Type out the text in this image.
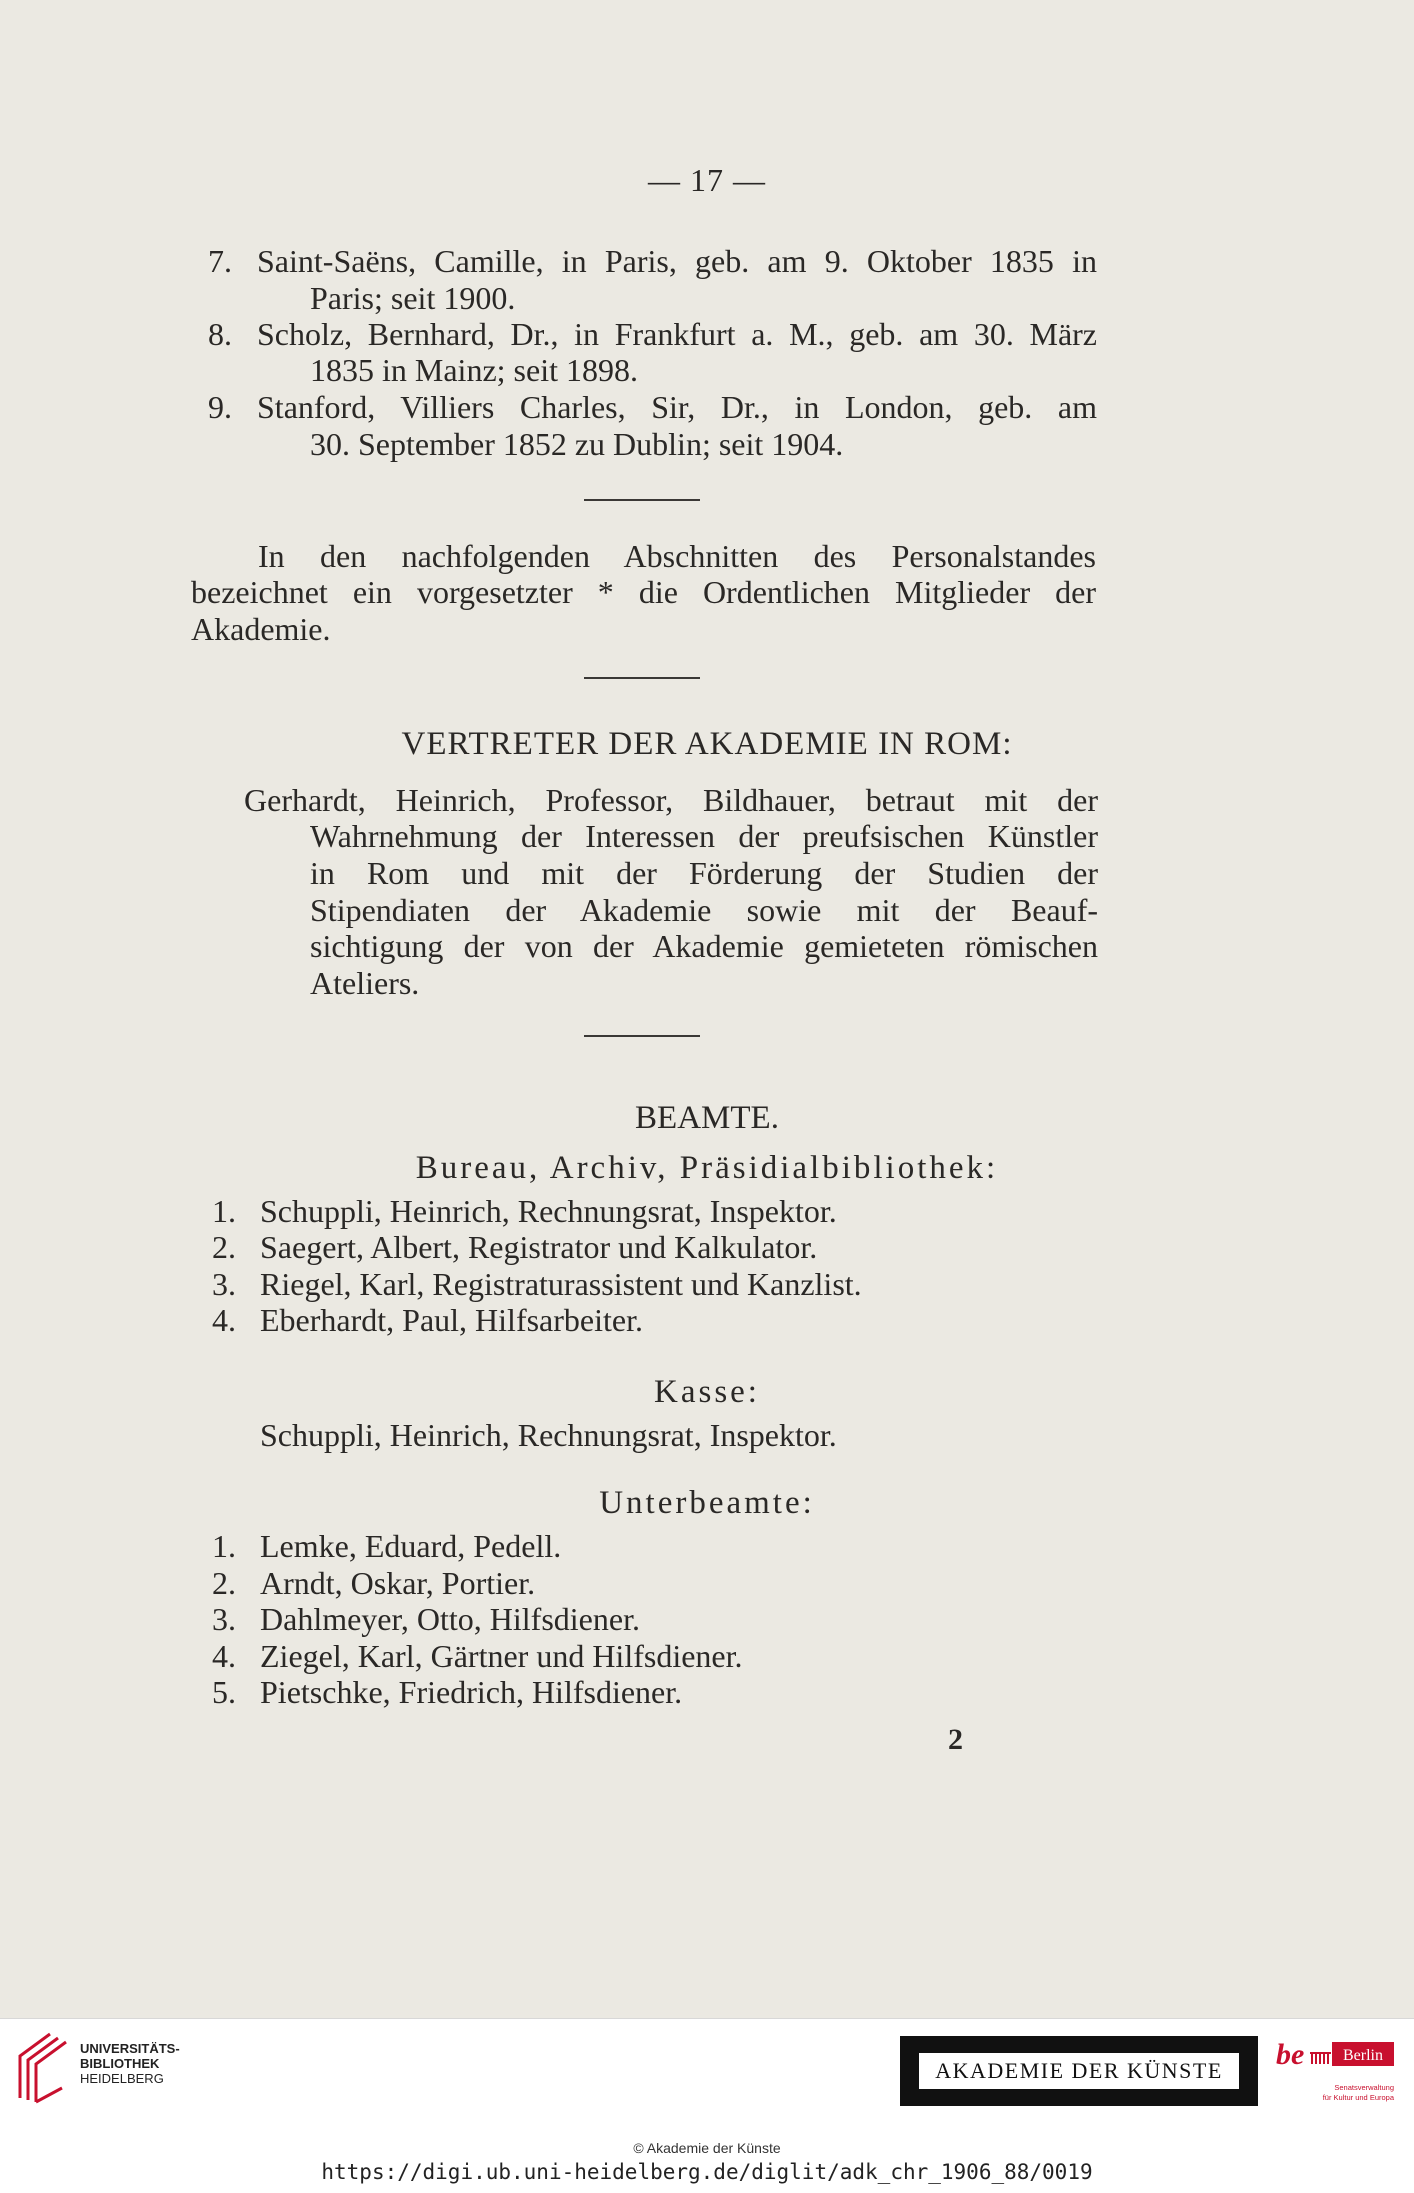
— 17 —
7. Saint-Saëns, Camille, in Paris, geb. am 9. Oktober 1835 in
Paris; seit 1900.
8. Scholz, Bernhard, Dr., in Frankfurt a. M., geb. am 30. März
1835 in Mainz; seit 1898.
9. Stanford, Villiers Charles, Sir, Dr., in London, geb. am
30. September 1852 zu Dublin; seit 1904.
In den nachfolgenden Abschnitten des Personalstandes
bezeichnet ein vorgesetzter * die Ordentlichen Mitglieder der
Akademie.
VERTRETER DER AKADEMIE IN ROM:
Gerhardt, Heinrich, Professor, Bildhauer, betraut mit der
Wahrnehmung der Interessen der preufsischen Künstler
in Rom und mit der Förderung der Studien der
Stipendiaten der Akademie sowie mit der Beauf-
sichtigung der von der Akademie gemieteten römischen
Ateliers.
BEAMTE.
Bureau, Archiv, Präsidialbibliothek:
1. Schuppli, Heinrich, Rechnungsrat, Inspektor.
2. Saegert, Albert, Registrator und Kalkulator.
3. Riegel, Karl, Registraturassistent und Kanzlist.
4. Eberhardt, Paul, Hilfsarbeiter.
Kasse:
Schuppli, Heinrich, Rechnungsrat, Inspektor.
Unterbeamte:
1. Lemke, Eduard, Pedell.
2. Arndt, Oskar, Portier.
3. Dahlmeyer, Otto, Hilfsdiener.
4. Ziegel, Karl, Gärtner und Hilfsdiener.
5. Pietschke, Friedrich, Hilfsdiener.
2
UNIVERSITÄTS-
BIBLIOTHEK
HEIDELBERG	AKADEMIE DER KÜNSTE	be Berlin
Senatsverwaltung
für Kultur und Europa
© Akademie der Künste
https://digi.ub.uni-heidelberg.de/diglit/adk_chr_1906_88/0019
